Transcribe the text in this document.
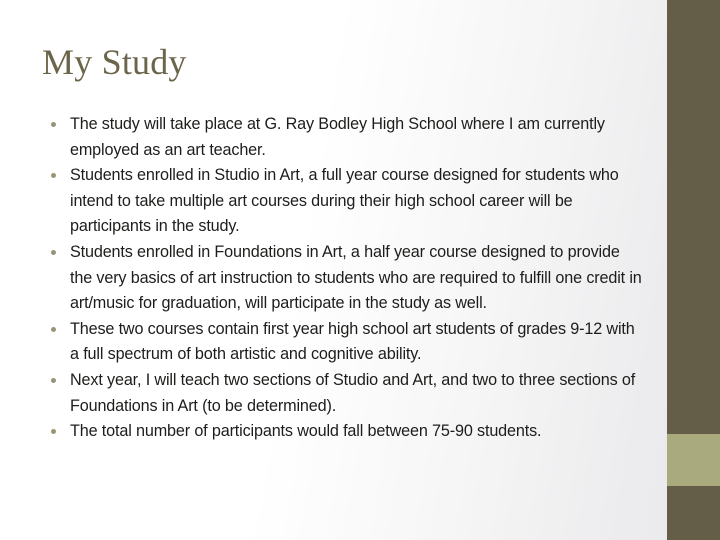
My Study
The study will take place at G. Ray Bodley High School where I am currently employed as an art teacher.
Students enrolled in Studio in Art, a full year course designed for students who intend to take multiple art courses during their high school career will be participants in the study.
Students enrolled in Foundations in Art, a half year course designed to provide the very basics of art instruction to students who are required to fulfill one credit in art/music for graduation, will participate in the study as well.
These two courses contain first year high school art students of grades 9-12 with a full spectrum of both artistic and cognitive ability.
Next year, I will teach two sections of Studio and Art, and two to three sections of Foundations in Art (to be determined).
The total number of participants would fall between 75-90 students.
